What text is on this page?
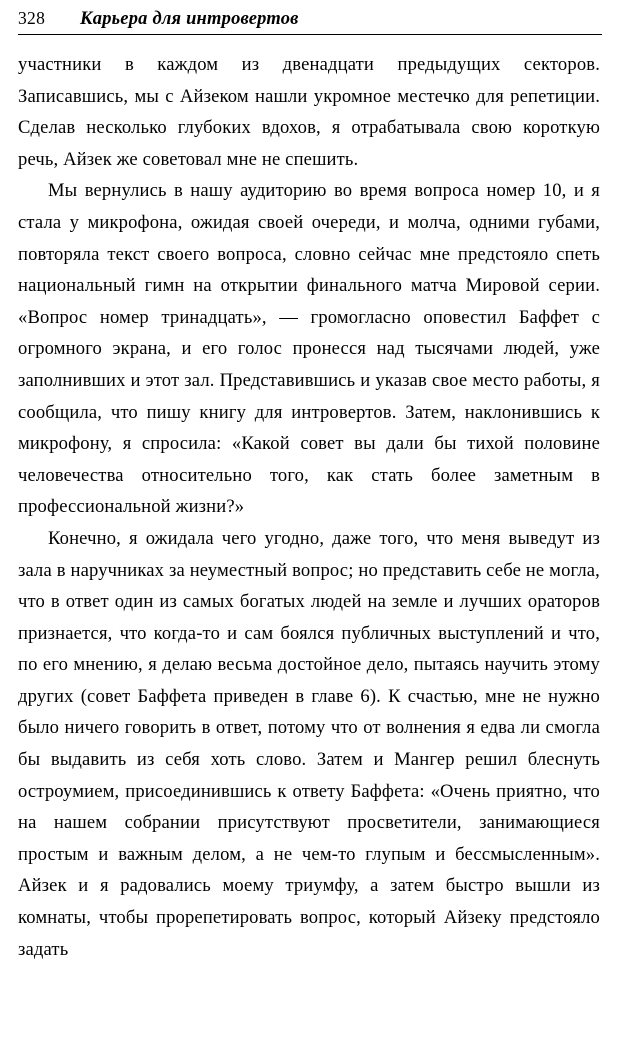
328	Карьера для интровертов

участники в каждом из двенадцати предыдущих секторов. Записавшись, мы с Айзеком нашли укромное местечко для репетиции. Сделав несколько глубоких вдохов, я отрабатывала свою короткую речь, Айзек же советовал мне не спешить.

Мы вернулись в нашу аудиторию во время вопроса номер 10, и я стала у микрофона, ожидая своей очереди, и молча, одними губами, повторяла текст своего вопроса, словно сейчас мне предстояло спеть национальный гимн на открытии финального матча Мировой серии. «Вопрос номер тринадцать», — громогласно оповестил Баффет с огромного экрана, и его голос пронесся над тысячами людей, уже заполнивших и этот зал. Представившись и указав свое место работы, я сообщила, что пишу книгу для интровертов. Затем, наклонившись к микрофону, я спросила: «Какой совет вы дали бы тихой половине человечества относительно того, как стать более заметным в профессиональной жизни?»

Конечно, я ожидала чего угодно, даже того, что меня выведут из зала в наручниках за неуместный вопрос; но представить себе не могла, что в ответ один из самых богатых людей на земле и лучших ораторов признается, что когда-то и сам боялся публичных выступлений и что, по его мнению, я делаю весьма достойное дело, пытаясь научить этому других (совет Баффета приведен в главе 6). К счастью, мне не нужно было ничего говорить в ответ, потому что от волнения я едва ли смогла бы выдавить из себя хоть слово. Затем и Мангер решил блеснуть остроумием, присоединившись к ответу Баффета: «Очень приятно, что на нашем собрании присутствуют просветители, занимающиеся простым и важным делом, а не чем-то глупым и бессмысленным». Айзек и я радовались моему триумфу, а затем быстро вышли из комнаты, чтобы прорепетировать вопрос, который Айзеку предстояло задать
